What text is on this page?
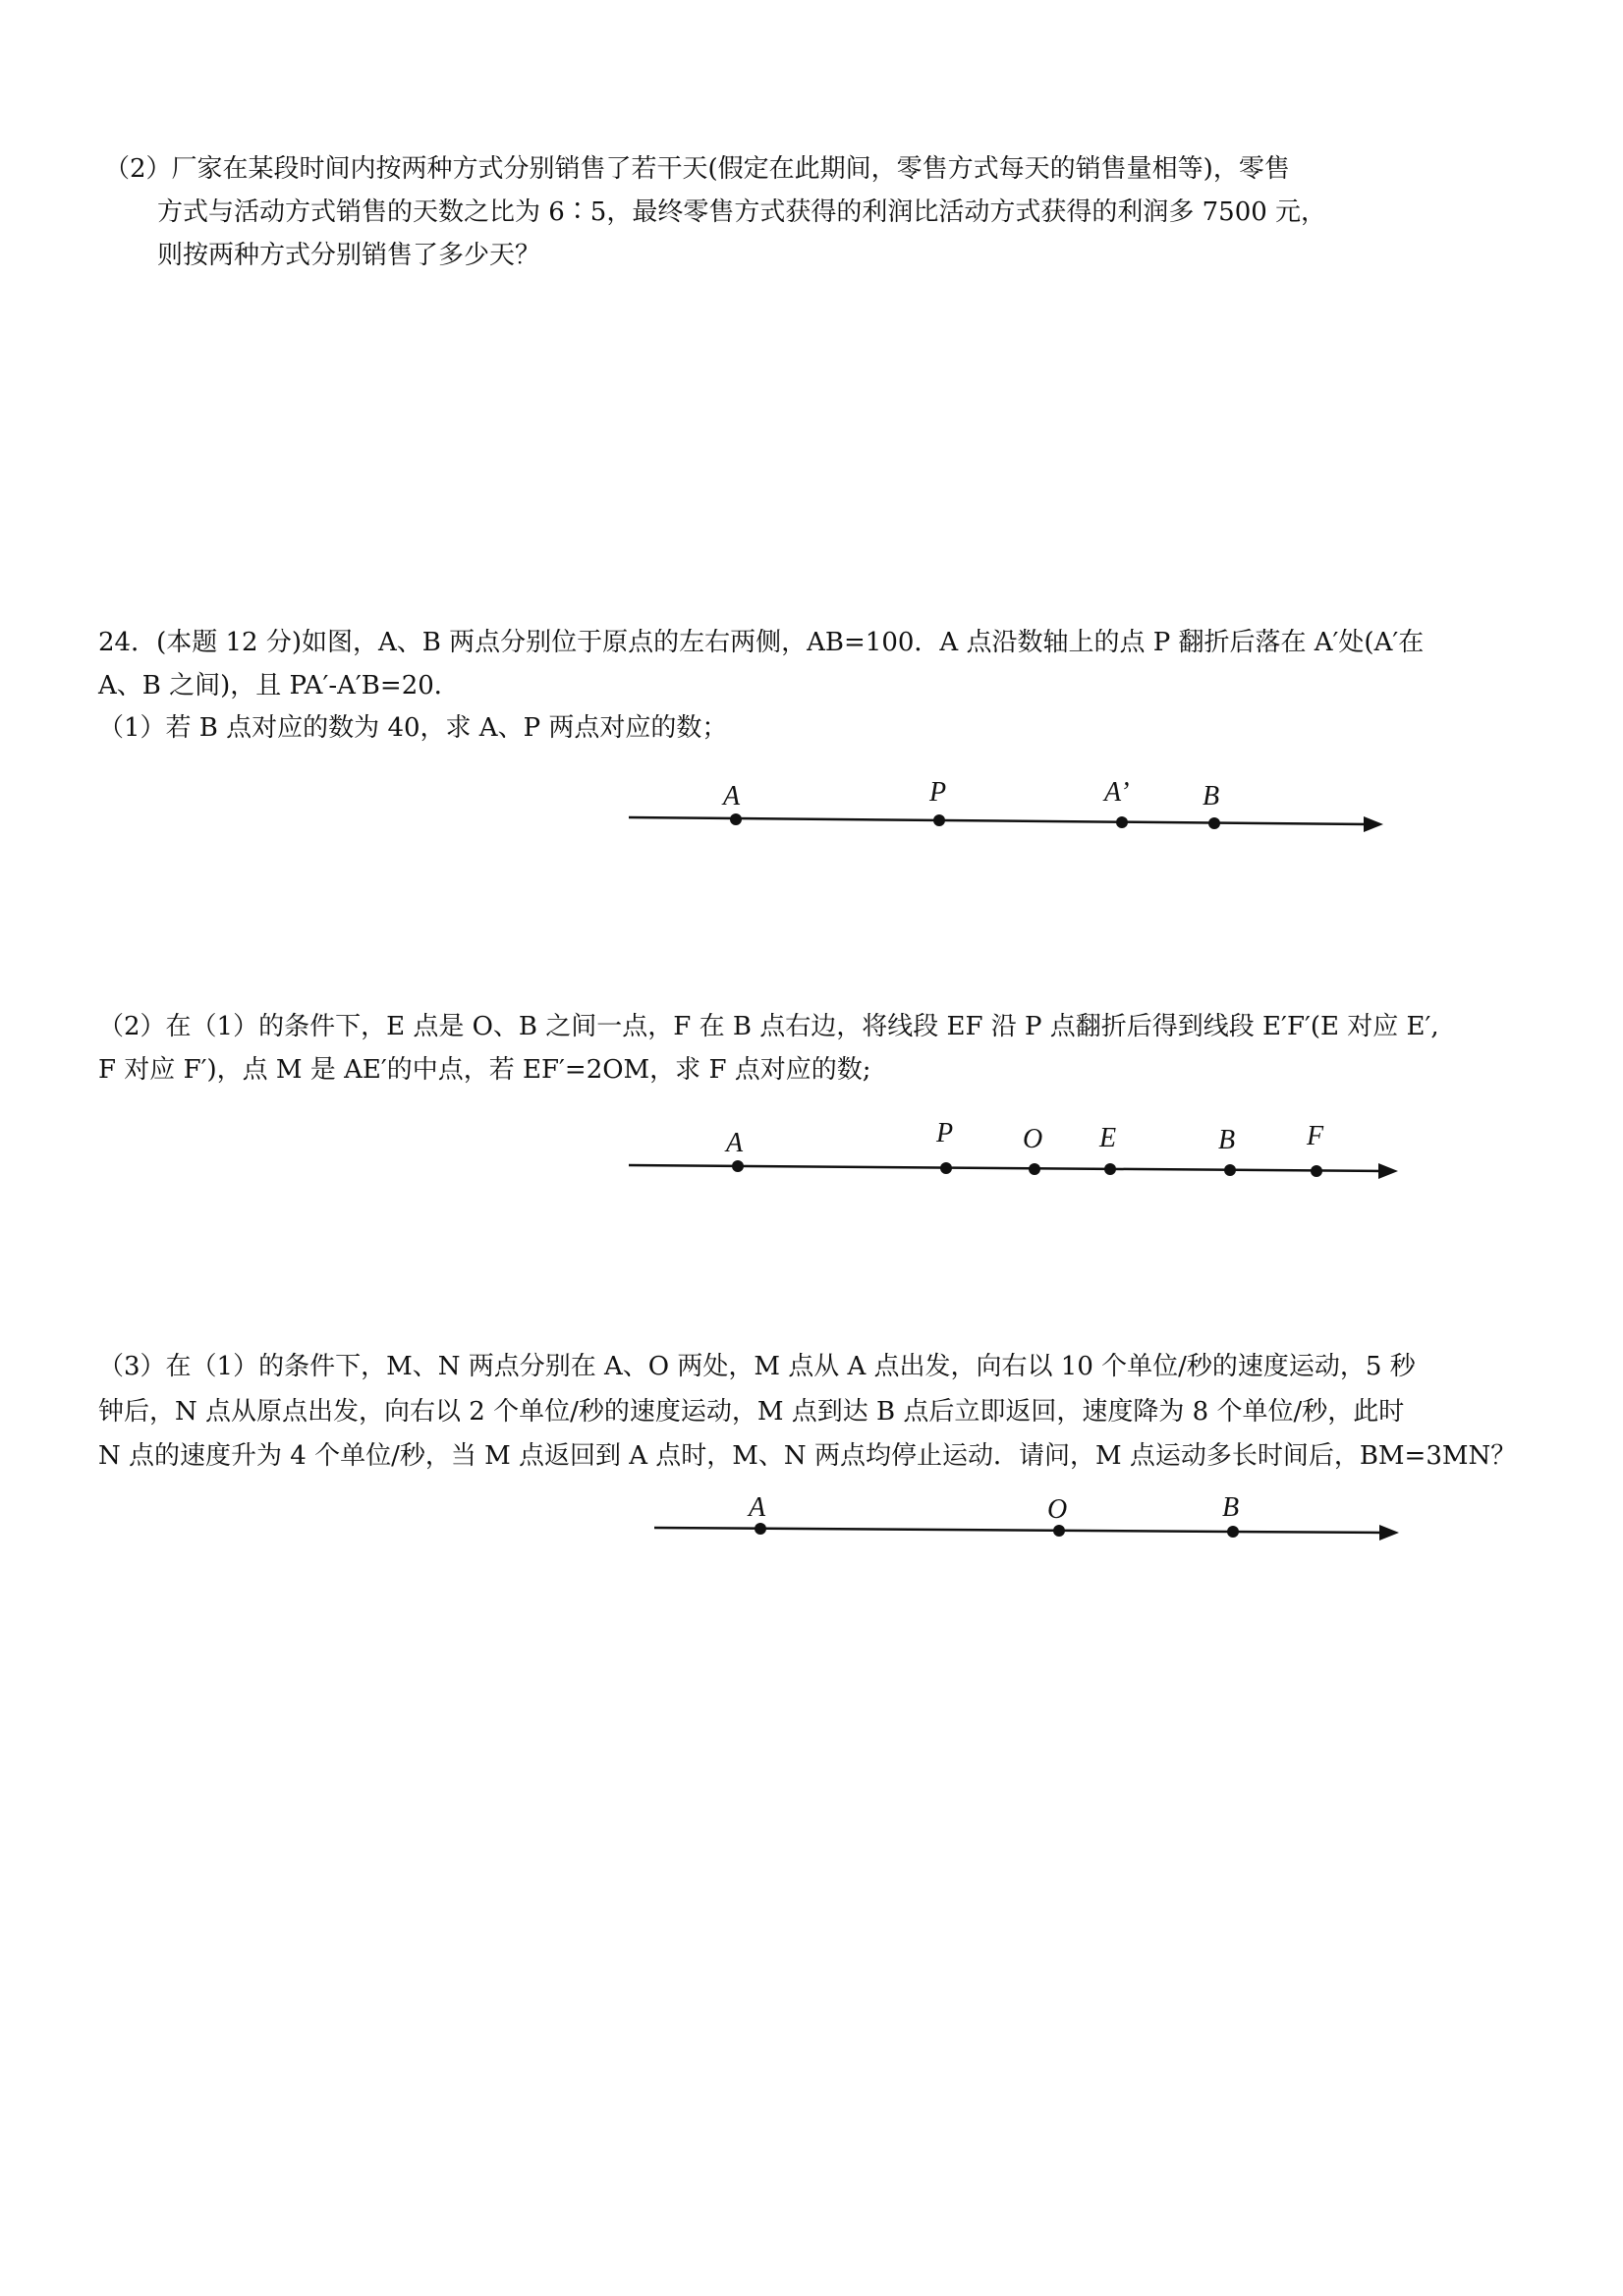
（2）厂家在某段时间内按两种方式分别销售了若干天(假定在此期间，零售方式每天的销售量相等)，零售
方式与活动方式销售的天数之比为 6∶5，最终零售方式获得的利润比活动方式获得的利润多 7500 元，
则按两种方式分别销售了多少天？
24．(本题 12 分)如图，A、B 两点分别位于原点的左右两侧，AB=100．A 点沿数轴上的点 P 翻折后落在 A′处(A′在
A、B 之间)，且 PA′-A′B=20．
（1）若 B 点对应的数为 40，求 A、P 两点对应的数；
A	P	A’	B
（2）在（1）的条件下，E 点是 O、B 之间一点，F 在 B 点右边，将线段 EF 沿 P 点翻折后得到线段 E′F′(E 对应 E′,
F 对应 F′)，点 M 是 AE′的中点，若 EF′=2OM，求 F 点对应的数;
A	P	O E	B	F
（3）在（1）的条件下，M、N 两点分别在 A、O 两处，M 点从 A 点出发，向右以 10 个单位/秒的速度运动，5 秒
钟后，N 点从原点出发，向右以 2 个单位/秒的速度运动，M 点到达 B 点后立即返回，速度降为 8 个单位/秒，此时
N 点的速度升为 4 个单位/秒，当 M 点返回到 A 点时，M、N 两点均停止运动．请问，M 点运动多长时间后，BM=3MN？
A	O	B
